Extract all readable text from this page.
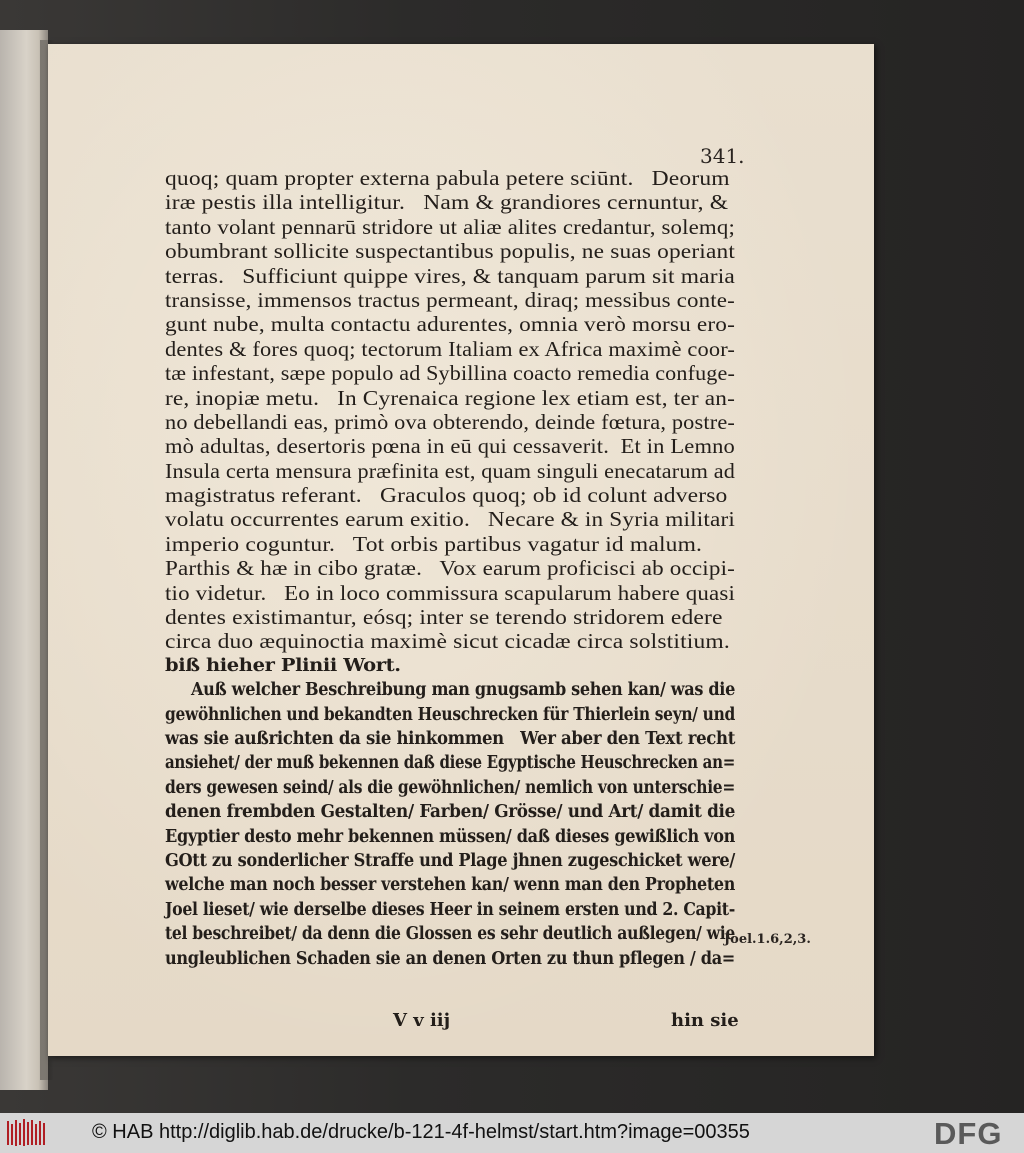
341.
quoq; quam propter externa pabula petere sciūnt.   Deorum
iræ pestis illa intelligitur.   Nam & grandiores cernuntur, &
tanto volant pennarū stridore ut aliæ alites credantur, solemq;
obumbrant sollicite suspectantibus populis, ne suas operiant
terras.   Sufficiunt quippe vires, & tanquam parum sit maria
transisse, immensos tractus permeant, diraq; messibus conte-
gunt nube, multa contactu adurentes, omnia verò morsu ero-
dentes & fores quoq; tectorum Italiam ex Africa maximè coor-
tæ infestant, sæpe populo ad Sybillina coacto remedia confuge-
re, inopiæ metu.   In Cyrenaica regione lex etiam est, ter an-
no debellandi eas, primò ova obterendo, deinde fœtura, postre-
mò adultas, desertoris pœna in eū qui cessaverit.  Et in Lemno
Insula certa mensura præfinita est, quam singuli enecatarum ad
magistratus referant.   Graculos quoq; ob id colunt adverso
volatu occurrentes earum exitio.   Necare & in Syria militari
imperio coguntur.   Tot orbis partibus vagatur id malum.
Parthis & hæ in cibo gratæ.   Vox earum proficisci ab occipi-
tio videtur.   Eo in loco commissura scapularum habere quasi
dentes existimantur, eósq; inter se terendo stridorem edere
circa duo æquinoctia maximè sicut cicadæ circa solstitium.
biß hieher Plinii Wort.
Auß welcher Beschreibung man gnugsamb sehen kan/ was die
gewöhnlichen und bekandten Heuschrecken für Thierlein seyn/ und
was sie außrichten da sie hinkommen   Wer aber den Text recht
ansiehet/ der muß bekennen daß diese Egyptische Heuschrecken an=
ders gewesen seind/ als die gewöhnlichen/ nemlich von unterschie=
denen frembden Gestalten/ Farben/ Grösse/ und Art/ damit die
Egyptier desto mehr bekennen müssen/ daß dieses gewißlich von
GOtt zu sonderlicher Straffe und Plage jhnen zugeschicket were/
welche man noch besser verstehen kan/ wenn man den Propheten
Joel lieset/ wie derselbe dieses Heer in seinem ersten und 2. Capit-
tel beschreibet/ da denn die Glossen es sehr deutlich außlegen/ wie
ungleublichen Schaden sie an denen Orten zu thun pflegen / da=
Joel.1.6,2,3.
V v iij	hin sie
© HAB http://diglib.hab.de/drucke/b-121-4f-helmst/start.htm?image=00355	DFG
